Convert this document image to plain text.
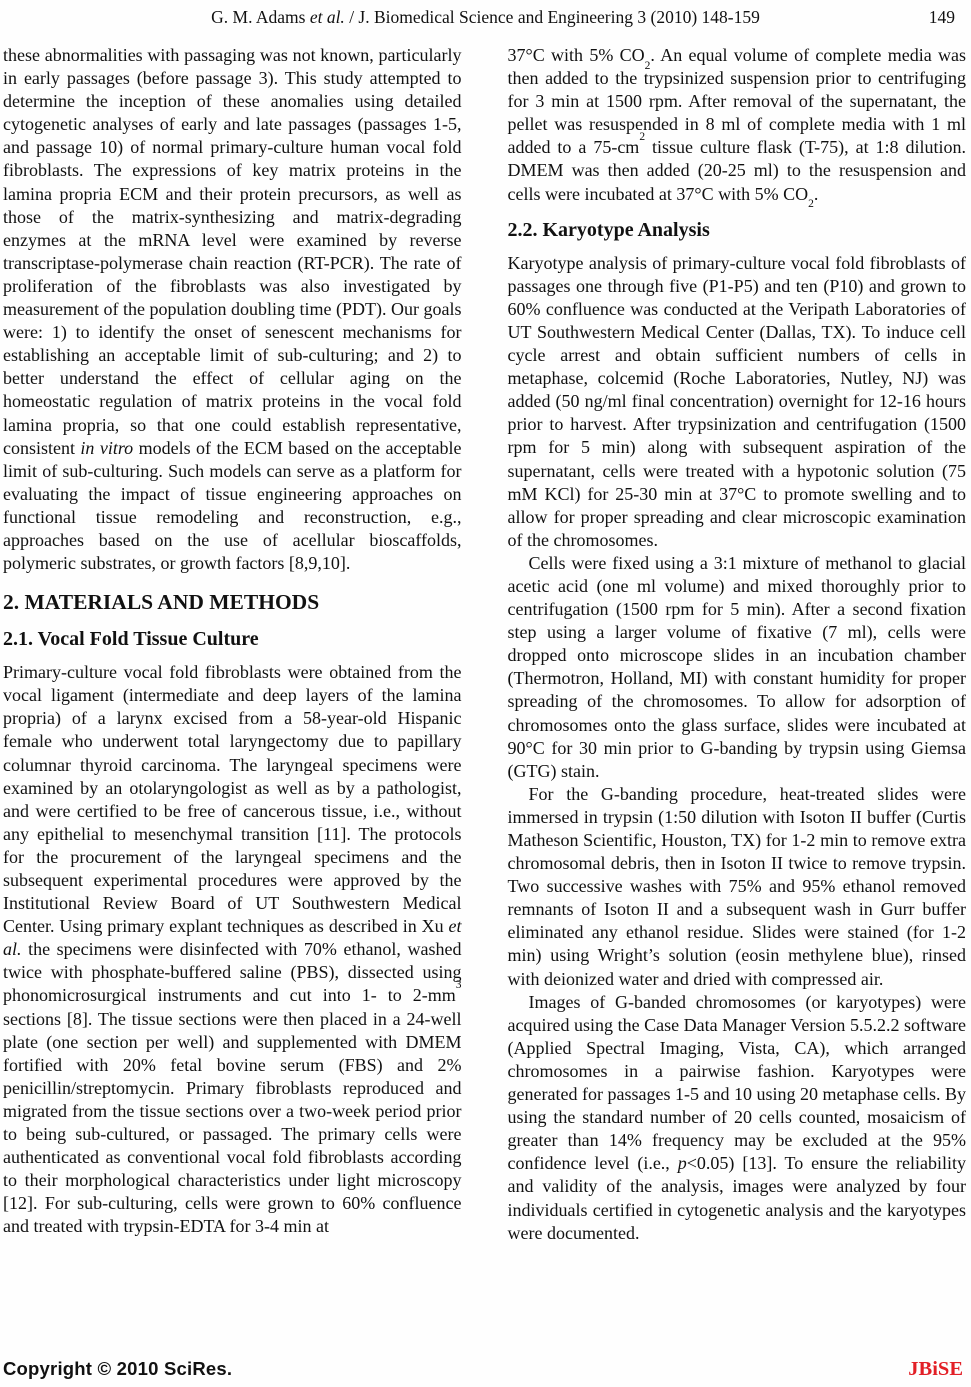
G. M. Adams et al. / J. Biomedical Science and Engineering 3 (2010) 148-159	149
these abnormalities with passaging was not known, particularly in early passages (before passage 3). This study attempted to determine the inception of these anomalies using detailed cytogenetic analyses of early and late passages (passages 1-5, and passage 10) of normal primary-culture human vocal fold fibroblasts. The expressions of key matrix proteins in the lamina propria ECM and their protein precursors, as well as those of the matrix-synthesizing and matrix-degrading enzymes at the mRNA level were examined by reverse transcriptase-polymerase chain reaction (RT-PCR). The rate of proliferation of the fibroblasts was also investigated by measurement of the population doubling time (PDT). Our goals were: 1) to identify the onset of senescent mechanisms for establishing an acceptable limit of sub-culturing; and 2) to better understand the effect of cellular aging on the homeostatic regulation of matrix proteins in the vocal fold lamina propria, so that one could establish representative, consistent in vitro models of the ECM based on the acceptable limit of sub-culturing. Such models can serve as a platform for evaluating the impact of tissue engineering approaches on functional tissue remodeling and reconstruction, e.g., approaches based on the use of acellular bioscaffolds, polymeric substrates, or growth factors [8,9,10].
2. MATERIALS AND METHODS
2.1. Vocal Fold Tissue Culture
Primary-culture vocal fold fibroblasts were obtained from the vocal ligament (intermediate and deep layers of the lamina propria) of a larynx excised from a 58-year-old Hispanic female who underwent total laryngectomy due to papillary columnar thyroid carcinoma. The laryngeal specimens were examined by an otolaryngologist as well as by a pathologist, and were certified to be free of cancerous tissue, i.e., without any epithelial to mesenchymal transition [11]. The protocols for the procurement of the laryngeal specimens and the subsequent experimental procedures were approved by the Institutional Review Board of UT Southwestern Medical Center. Using primary explant techniques as described in Xu et al. the specimens were disinfected with 70% ethanol, washed twice with phosphate-buffered saline (PBS), dissected using phonomicrosurgical instruments and cut into 1- to $2-mm^3$ sections [8]. The tissue sections were then placed in a 24-well plate (one section per well) and supplemented with DMEM fortified with 20% fetal bovine serum (FBS) and 2% penicillin/streptomycin. Primary fibroblasts reproduced and migrated from the tissue sections over a two-week period prior to being sub-cultured, or passaged. The primary cells were authenticated as conventional vocal fold fibroblasts according to their morphological characteristics under light microscopy [12]. For sub-culturing, cells were grown to 60% confluence and treated with trypsin-EDTA for 3-4 min at
37°C with 5% $CO_2$. An equal volume of complete media was then added to the trypsinized suspension prior to centrifuging for 3 min at 1500 rpm. After removal of the supernatant, the pellet was resuspended in 8 ml of complete media with 1 ml added to a $75-cm^2$ tissue culture flask (T-75), at 1:8 dilution. DMEM was then added (20-25 ml) to the resuspension and cells were incubated at 37°C with 5% $CO_2$.
2.2. Karyotype Analysis
Karyotype analysis of primary-culture vocal fold fibroblasts of passages one through five (P1-P5) and ten (P10) and grown to 60% confluence was conducted at the Veripath Laboratories of UT Southwestern Medical Center (Dallas, TX). To induce cell cycle arrest and obtain sufficient numbers of cells in metaphase, colcemid (Roche Laboratories, Nutley, NJ) was added (50 ng/ml final concentration) overnight for 12-16 hours prior to harvest. After trypsinization and centrifugation (1500 rpm for 5 min) along with subsequent aspiration of the supernatant, cells were treated with a hypotonic solution (75 mM KCl) for 25-30 min at 37°C to promote swelling and to allow for proper spreading and clear microscopic examination of the chromosomes.
Cells were fixed using a 3:1 mixture of methanol to glacial acetic acid (one ml volume) and mixed thoroughly prior to centrifugation (1500 rpm for 5 min). After a second fixation step using a larger volume of fixative (7 ml), cells were dropped onto microscope slides in an incubation chamber (Thermotron, Holland, MI) with constant humidity for proper spreading of the chromosomes. To allow for adsorption of chromosomes onto the glass surface, slides were incubated at 90°C for 30 min prior to G-banding by trypsin using Giemsa (GTG) stain.
For the G-banding procedure, heat-treated slides were immersed in trypsin (1:50 dilution with Isoton II buffer (Curtis Matheson Scientific, Houston, TX) for 1-2 min to remove extra chromosomal debris, then in Isoton II twice to remove trypsin. Two successive washes with 75% and 95% ethanol removed remnants of Isoton II and a subsequent wash in Gurr buffer eliminated any ethanol residue. Slides were stained (for 1-2 min) using Wright’s solution (eosin methylene blue), rinsed with deionized water and dried with compressed air.
Images of G-banded chromosomes (or karyotypes) were acquired using the Case Data Manager Version 5.5.2.2 software (Applied Spectral Imaging, Vista, CA), which arranged chromosomes in a pairwise fashion. Karyotypes were generated for passages 1-5 and 10 using 20 metaphase cells. By using the standard number of 20 cells counted, mosaicism of greater than 14% frequency may be excluded at the 95% confidence level (i.e., p<0.05) [13]. To ensure the reliability and validity of the analysis, images were analyzed by four individuals certified in cytogenetic analysis and the karyotypes were documented.
Copyright © 2010 SciRes.	JBiSE
